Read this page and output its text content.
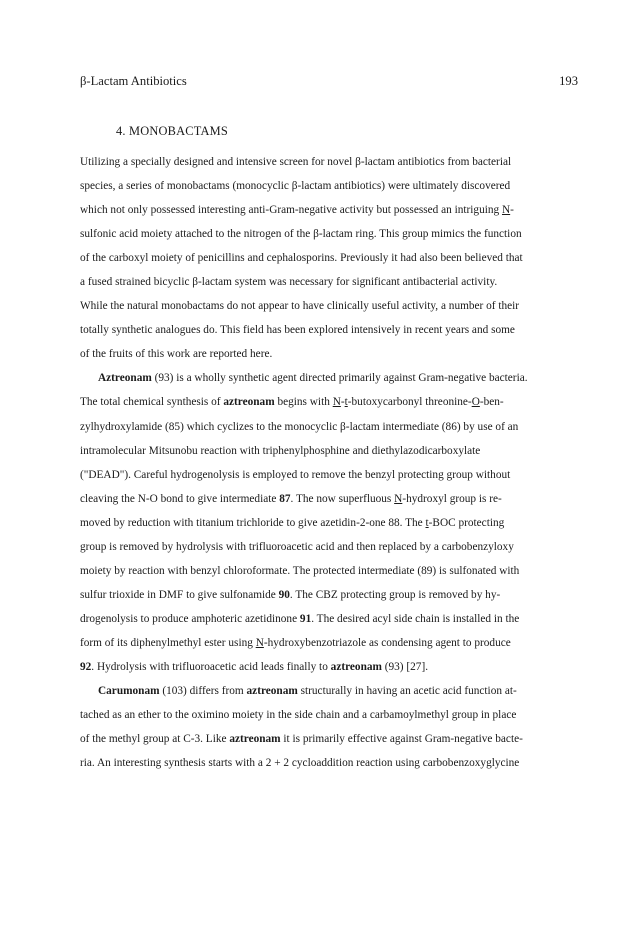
β-Lactam Antibiotics	193
4. MONOBACTAMS
Utilizing a specially designed and intensive screen for novel β-lactam antibiotics from bacterial
species, a series of monobactams (monocyclic β-lactam antibiotics) were ultimately discovered
which not only possessed interesting anti-Gram-negative activity but possessed an intriguing N-
sulfonic acid moiety attached to the nitrogen of the β-lactam ring. This group mimics the function
of the carboxyl moiety of penicillins and cephalosporins. Previously it had also been believed that
a fused strained bicyclic β-lactam system was necessary for significant antibacterial activity.
While the natural monobactams do not appear to have clinically useful activity, a number of their
totally synthetic analogues do. This field has been explored intensively in recent years and some
of the fruits of this work are reported here.
Aztreonam (93) is a wholly synthetic agent directed primarily against Gram-negative bacteria.
The total chemical synthesis of aztreonam begins with N-t-butoxycarbonyl threonine-O-ben-
zylhydroxylamide (85) which cyclizes to the monocyclic β-lactam intermediate (86) by use of an
intramolecular Mitsunobu reaction with triphenylphosphine and diethylazodicarboxylate
("DEAD"). Careful hydrogenolysis is employed to remove the benzyl protecting group without
cleaving the N-O bond to give intermediate 87. The now superfluous N-hydroxyl group is re-
moved by reduction with titanium trichloride to give azetidin-2-one 88. The t-BOC protecting
group is removed by hydrolysis with trifluoroacetic acid and then replaced by a carbobenzyloxy
moiety by reaction with benzyl chloroformate. The protected intermediate (89) is sulfonated with
sulfur trioxide in DMF to give sulfonamide 90. The CBZ protecting group is removed by hy-
drogenolysis to produce amphoteric azetidinone 91. The desired acyl side chain is installed in the
form of its diphenylmethyl ester using N-hydroxybenzotriazole as condensing agent to produce
92. Hydrolysis with trifluoroacetic acid leads finally to aztreonam (93) [27].
Carumonam (103) differs from aztreonam structurally in having an acetic acid function at-
tached as an ether to the oximino moiety in the side chain and a carbamoylmethyl group in place
of the methyl group at C-3. Like aztreonam it is primarily effective against Gram-negative bacte-
ria. An interesting synthesis starts with a 2 + 2 cycloaddition reaction using carbobenzoxyglycine
